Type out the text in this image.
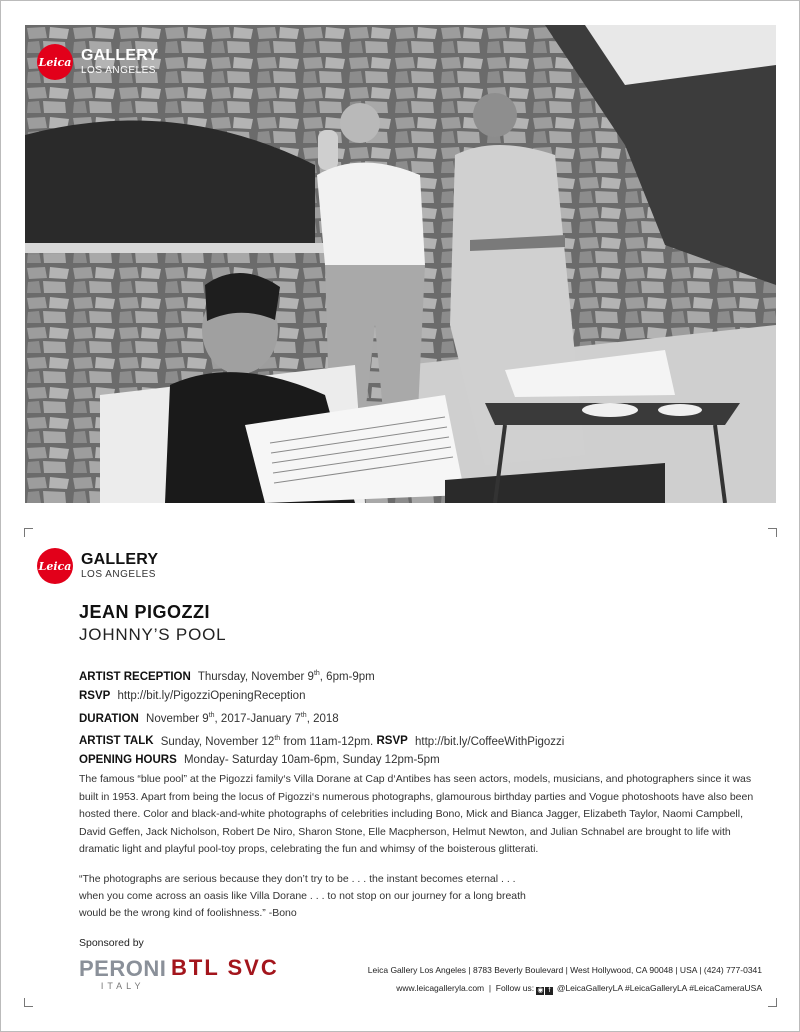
Leica GALLERY
LOS ANGELES
Leica GALLERY
LOS ANGELES
JEAN PIGOZZI
JOHNNY’S POOL
ARTIST RECEPTION Thursday, November 9th, 6pm-9pm
RSVP http://bit.ly/PigozziOpeningReception
DURATION November 9th, 2017-January 7th, 2018
ARTIST TALK Sunday, November 12th from 11am-12pm. RSVP http://bit.ly/CoffeeWithPigozzi
OPENING HOURS Monday- Saturday 10am-6pm, Sunday 12pm-5pm
The famous “blue pool” at the Pigozzi family‘s Villa Dorane at Cap d‘Antibes has seen actors, models, musicians, and photographers since it was built in 1953. Apart from being the locus of Pigozzi‘s numerous photographs, glamourous birthday parties and Vogue photoshoots have also been hosted there. Color and black-and-white photographs of celebrities including Bono, Mick and Bianca Jagger, Elizabeth Taylor, Naomi Campbell, David Geffen, Jack Nicholson, Robert De Niro, Sharon Stone, Elle Macpherson, Helmut Newton, and Julian Schnabel are brought to life with dramatic light and playful pool-toy props, celebrating the fun and whimsy of the boisterous glitterati.
“The photographs are serious because they don’t try to be . . . the instant becomes eternal . . .
when you come across an oasis like Villa Dorane . . . to not stop on our journey for a long breath
would be the wrong kind of foolishness.” -Bono
Sponsored by
PERONI
ITALY
BTL SVC	Leica Gallery Los Angeles | 8783 Beverly Boulevard | West Hollywood, CA 90048 | USA | (424) 777-0341
www.leicagalleryla.com  |  Follow us: ◉ f @LeicaGalleryLA #LeicaGalleryLA #LeicaCameraUSA
